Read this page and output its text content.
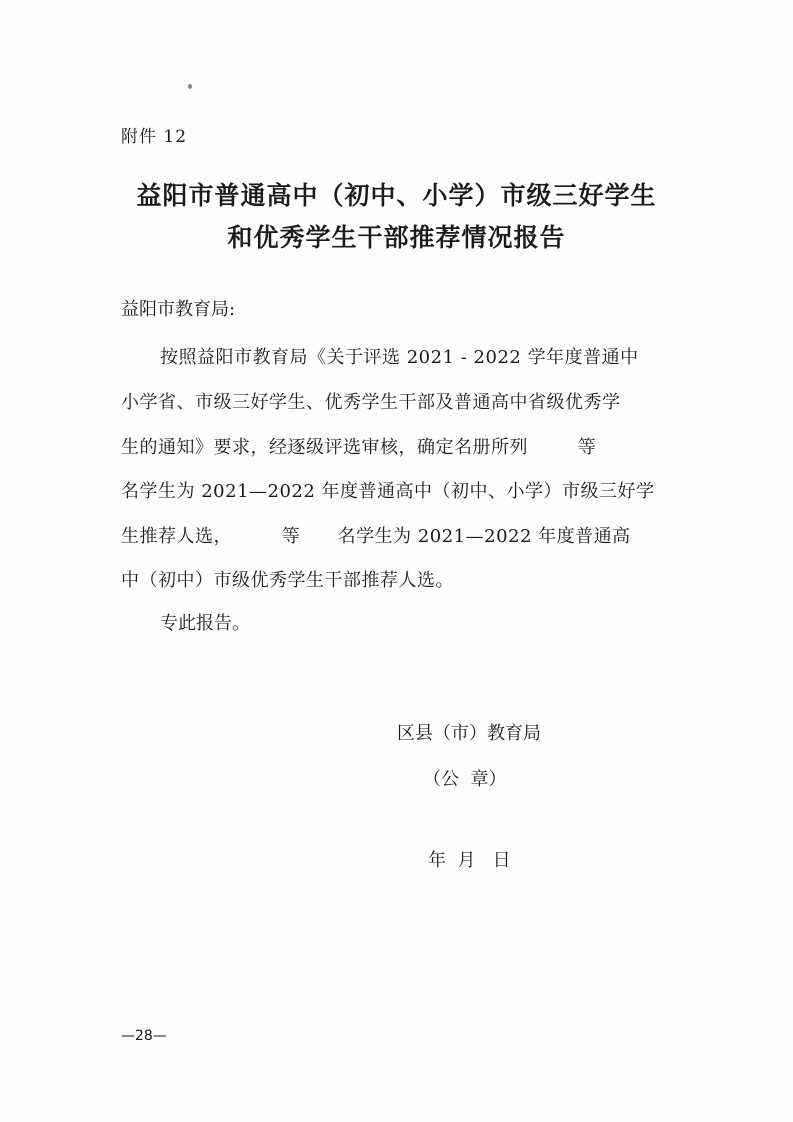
附件 12
益阳市普通高中（初中、小学）市级三好学生
和优秀学生干部推荐情况报告
益阳市教育局:
按照益阳市教育局《关于评选 2021 - 2022 学年度普通中
小学省、市级三好学生、优秀学生干部及普通高中省级优秀学
生的通知》要求，经逐级评选审核，确定名册所列        等
名学生为 2021—2022 年度普通高中（初中、小学）市级三好学
生推荐人选，        等      名学生为 2021—2022 年度普通高
中（初中）市级优秀学生干部推荐人选。
专此报告。
区县（市）教育局
（公  章）
年  月   日
—28—
